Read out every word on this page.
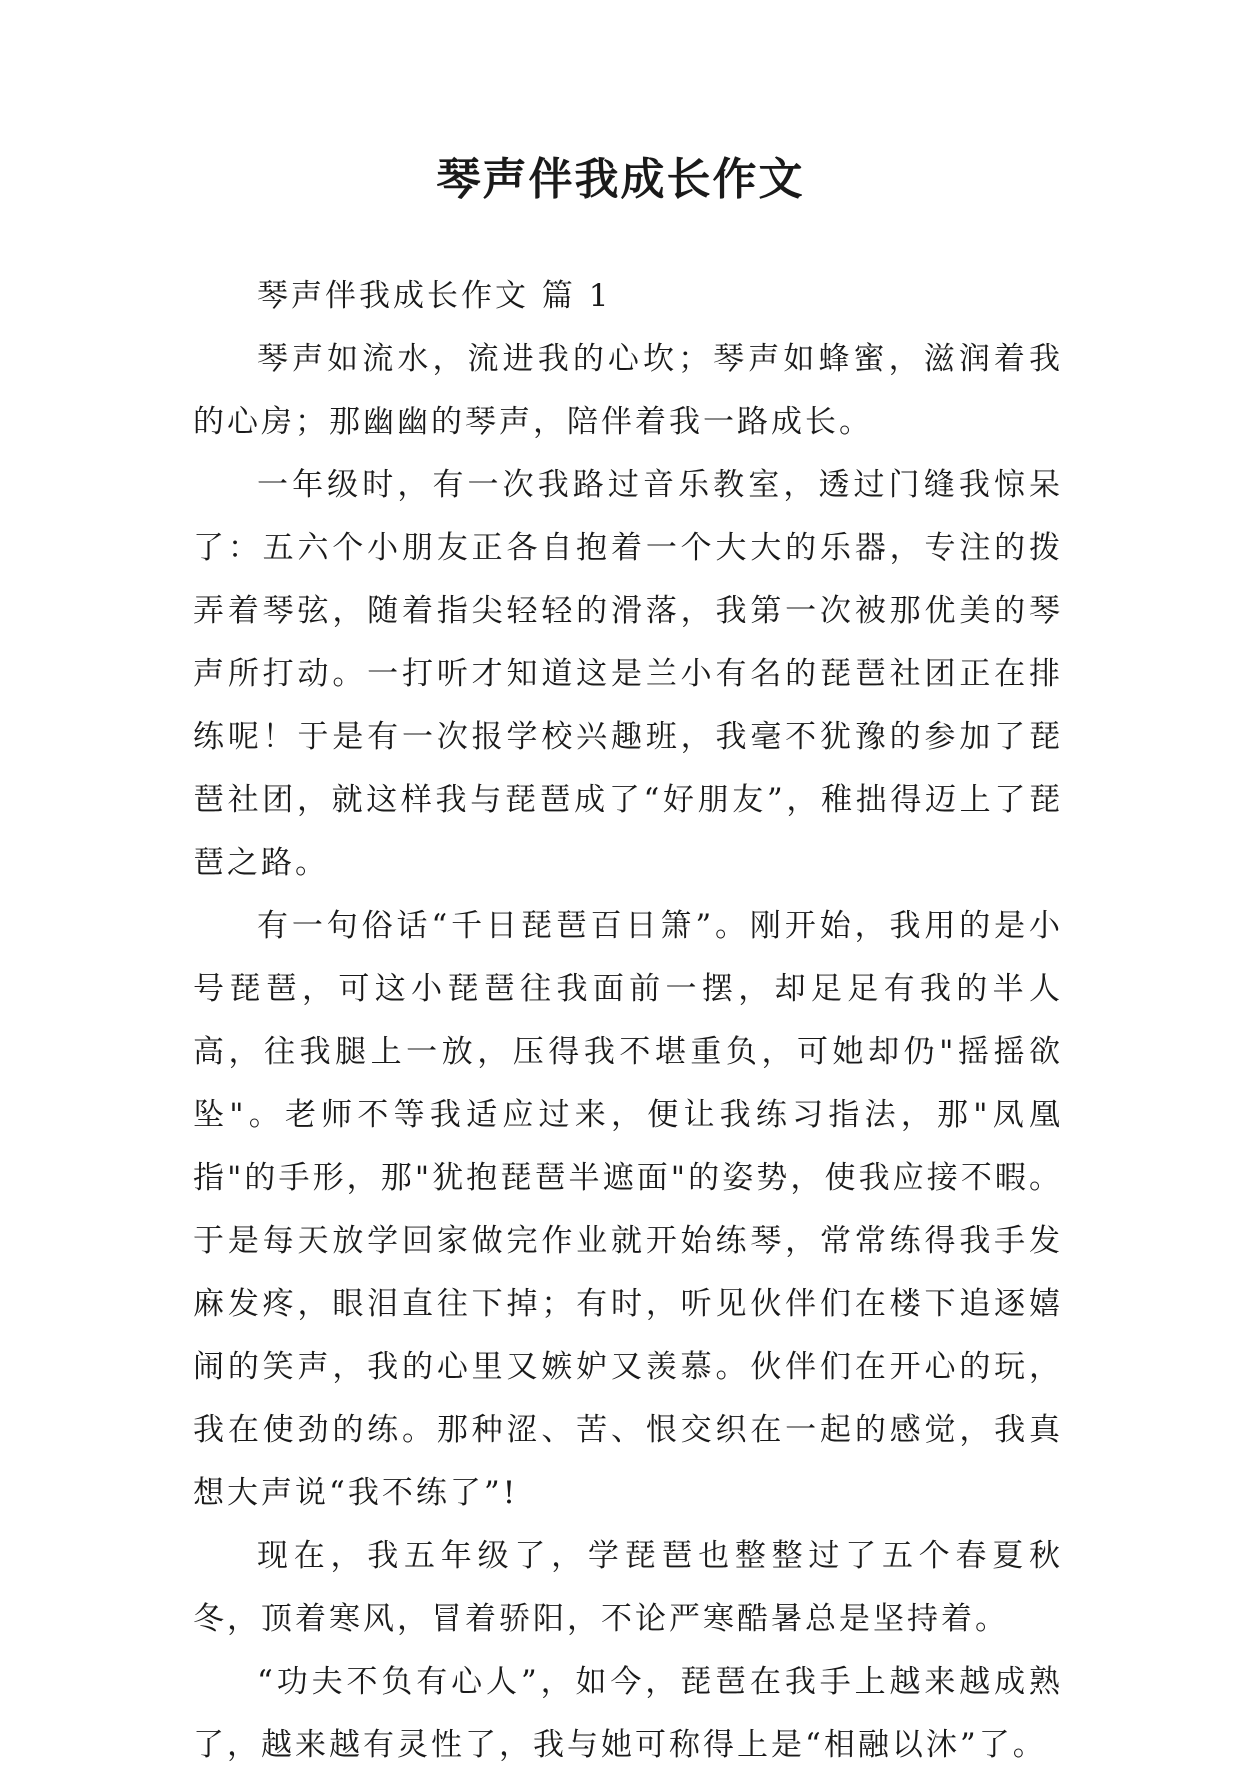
琴声伴我成长作文

琴声伴我成长作文 篇 1

琴声如流水，流进我的心坎；琴声如蜂蜜，滋润着我的心房；那幽幽的琴声，陪伴着我一路成长。

一年级时，有一次我路过音乐教室，透过门缝我惊呆了：五六个小朋友正各自抱着一个大大的乐器，专注的拨弄着琴弦，随着指尖轻轻的滑落，我第一次被那优美的琴声所打动。一打听才知道这是兰小有名的琵琶社团正在排练呢！于是有一次报学校兴趣班，我毫不犹豫的参加了琵琶社团，就这样我与琵琶成了“好朋友”，稚拙得迈上了琵琶之路。

有一句俗话“千日琵琶百日箫”。刚开始，我用的是小号琵琶，可这小琵琶往我面前一摆，却足足有我的半人高，往我腿上一放，压得我不堪重负，可她却仍"摇摇欲坠"。老师不等我适应过来，便让我练习指法，那"凤凰指"的手形，那"犹抱琵琶半遮面"的姿势，使我应接不暇。于是每天放学回家做完作业就开始练琴，常常练得我手发麻发疼，眼泪直往下掉；有时，听见伙伴们在楼下追逐嬉闹的笑声，我的心里又嫉妒又羡慕。伙伴们在开心的玩，我在使劲的练。那种涩、苦、恨交织在一起的感觉，我真想大声说“我不练了”!

现在，我五年级了，学琵琶也整整过了五个春夏秋冬，顶着寒风，冒着骄阳，不论严寒酷暑总是坚持着。

“功夫不负有心人”，如今，琵琶在我手上越来越成熟了，越来越有灵性了，我与她可称得上是“相融以沐”了。
